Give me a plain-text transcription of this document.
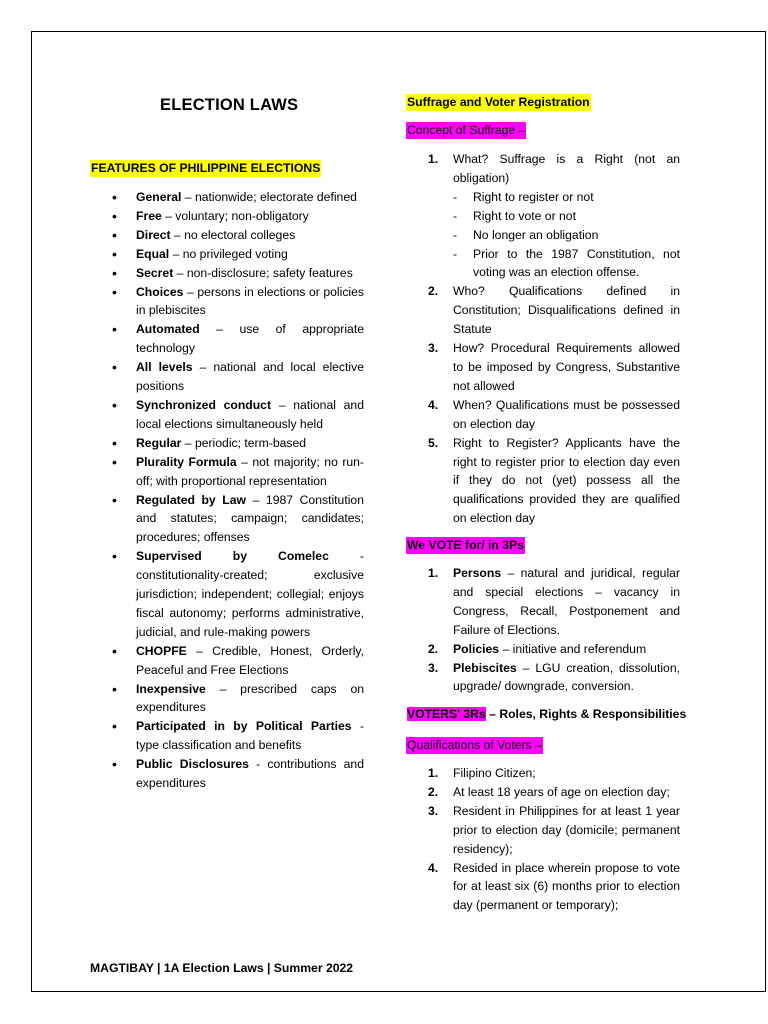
ELECTION LAWS
FEATURES OF PHILIPPINE ELECTIONS
• General – nationwide; electorate defined
• Free – voluntary; non-obligatory
• Direct – no electoral colleges
• Equal – no privileged voting
• Secret – non-disclosure; safety features
• Choices – persons in elections or policies in plebiscites
• Automated – use of appropriate technology
• All levels – national and local elective positions
• Synchronized conduct – national and local elections simultaneously held
• Regular – periodic; term-based
• Plurality Formula – not majority; no run-off; with proportional representation
• Regulated by Law – 1987 Constitution and statutes; campaign; candidates; procedures; offenses
• Supervised by Comelec - constitutionality-created; exclusive jurisdiction; independent; collegial; enjoys fiscal autonomy; performs administrative, judicial, and rule-making powers
• CHOPFE – Credible, Honest, Orderly, Peaceful and Free Elections
• Inexpensive – prescribed caps on expenditures
• Participated in by Political Parties - type classification and benefits
• Public Disclosures - contributions and expenditures
Suffrage and Voter Registration
Concept of Suffrage –
1. What? Suffrage is a Right (not an obligation)
- Right to register or not
- Right to vote or not
- No longer an obligation
- Prior to the 1987 Constitution, not voting was an election offense.
2. Who? Qualifications defined in Constitution; Disqualifications defined in Statute
3. How? Procedural Requirements allowed to be imposed by Congress, Substantive not allowed
4. When? Qualifications must be possessed on election day
5. Right to Register? Applicants have the right to register prior to election day even if they do not (yet) possess all the qualifications provided they are qualified on election day
We VOTE for/ in 3Ps
1. Persons – natural and juridical, regular and special elections – vacancy in Congress, Recall, Postponement and Failure of Elections.
2. Policies – initiative and referendum
3. Plebiscites – LGU creation, dissolution, upgrade/ downgrade, conversion.
VOTERS' 3Rs – Roles, Rights & Responsibilities
Qualifications of Voters –
1. Filipino Citizen;
2. At least 18 years of age on election day;
3. Resident in Philippines for at least 1 year prior to election day (domicile; permanent residency);
4. Resided in place wherein propose to vote for at least six (6) months prior to election day (permanent or temporary);
MAGTIBAY | 1A Election Laws | Summer 2022
